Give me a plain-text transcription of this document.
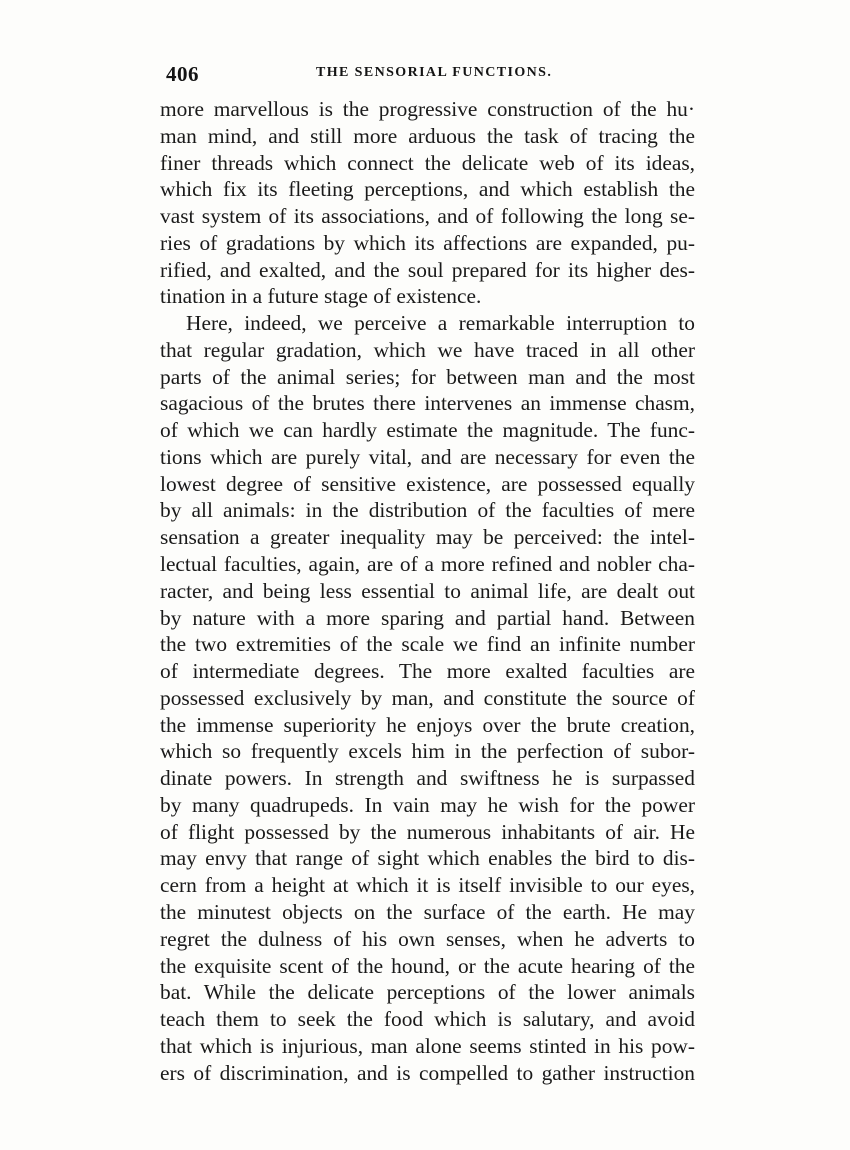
406	THE SENSORIAL FUNCTIONS.
more marvellous is the progressive construction of the hu·
man mind, and still more arduous the task of tracing the
finer threads which connect the delicate web of its ideas,
which fix its fleeting perceptions, and which establish the
vast system of its associations, and of following the long se-
ries of gradations by which its affections are expanded, pu-
rified, and exalted, and the soul prepared for its higher des-
tination in a future stage of existence.
Here, indeed, we perceive a remarkable interruption to
that regular gradation, which we have traced in all other
parts of the animal series; for between man and the most
sagacious of the brutes there intervenes an immense chasm,
of which we can hardly estimate the magnitude. The func-
tions which are purely vital, and are necessary for even the
lowest degree of sensitive existence, are possessed equally
by all animals: in the distribution of the faculties of mere
sensation a greater inequality may be perceived: the intel-
lectual faculties, again, are of a more refined and nobler cha-
racter, and being less essential to animal life, are dealt out
by nature with a more sparing and partial hand. Between
the two extremities of the scale we find an infinite number
of intermediate degrees. The more exalted faculties are
possessed exclusively by man, and constitute the source of
the immense superiority he enjoys over the brute creation,
which so frequently excels him in the perfection of subor-
dinate powers. In strength and swiftness he is surpassed
by many quadrupeds. In vain may he wish for the power
of flight possessed by the numerous inhabitants of air. He
may envy that range of sight which enables the bird to dis-
cern from a height at which it is itself invisible to our eyes,
the minutest objects on the surface of the earth. He may
regret the dulness of his own senses, when he adverts to
the exquisite scent of the hound, or the acute hearing of the
bat. While the delicate perceptions of the lower animals
teach them to seek the food which is salutary, and avoid
that which is injurious, man alone seems stinted in his pow-
ers of discrimination, and is compelled to gather instruction
